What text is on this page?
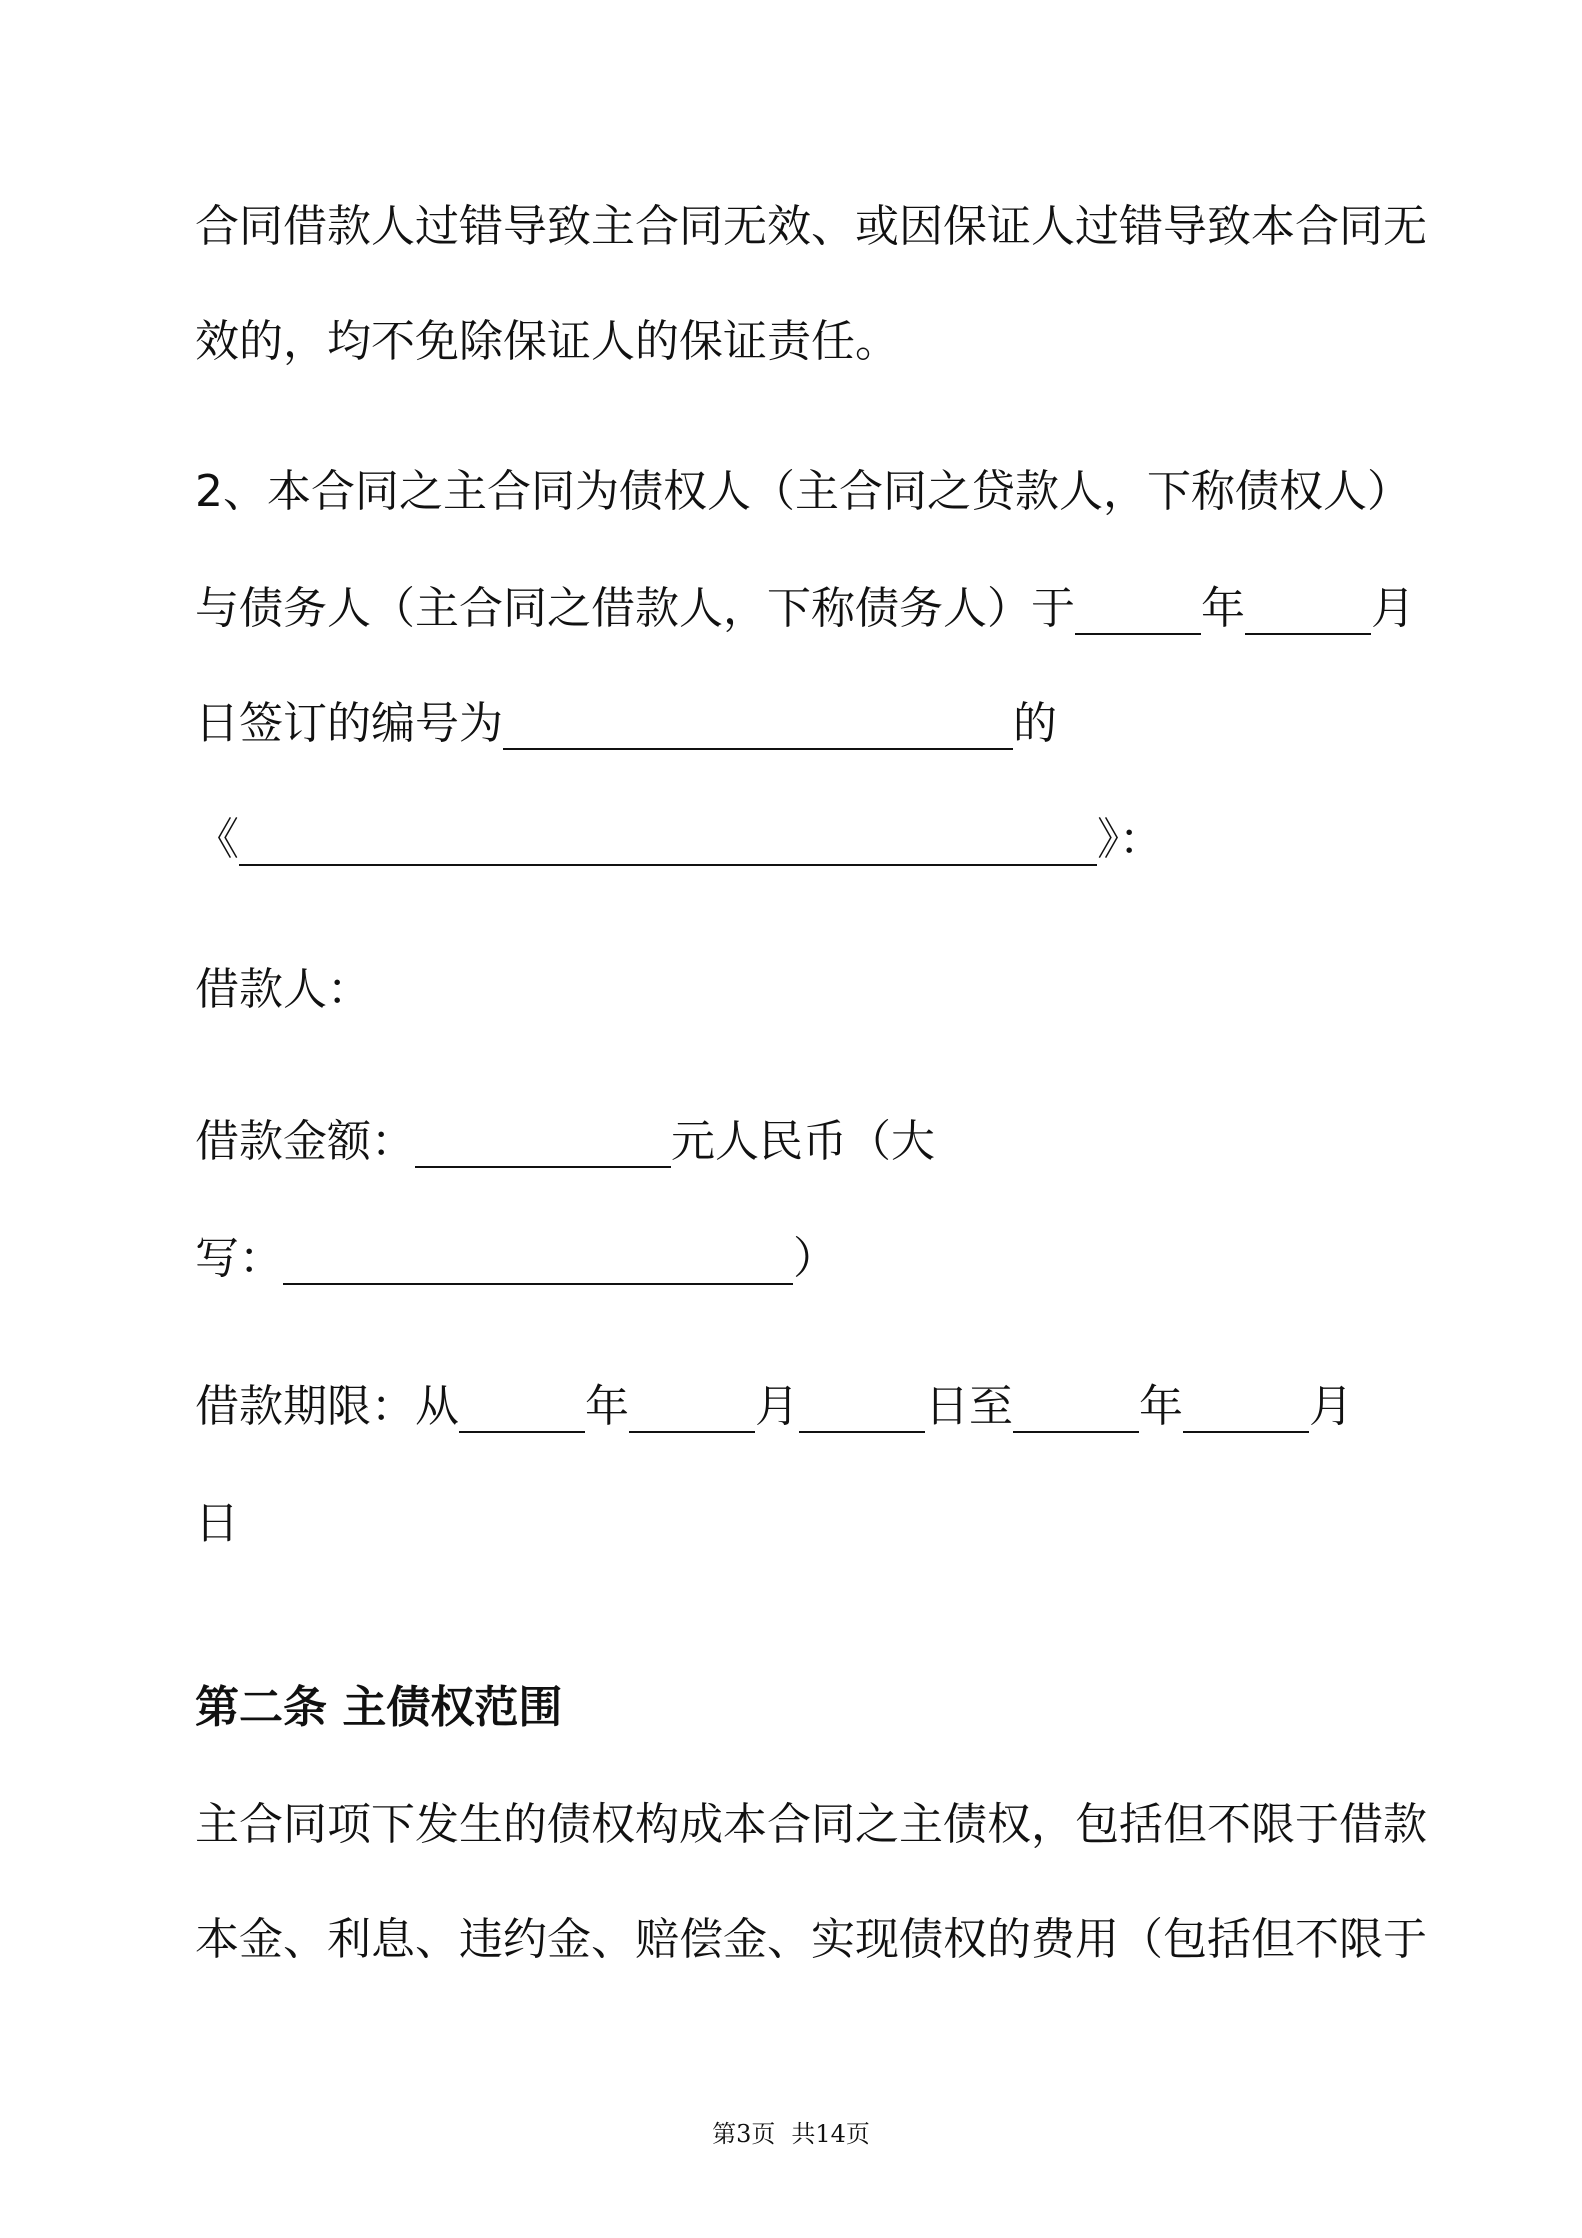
合同借款人过错导致主合同无效、或因保证人过错导致本合同无
效的，均不免除保证人的保证责任。
2、本合同之主合同为债权人（主合同之贷款人，下称债权人）
与债务人（主合同之借款人，下称债务人）于	年	月
日签订的编号为	的
《	》：
借款人：
借款金额：	元人民币（大
写：	）
借款期限：从	年	月	日至	年	月
日
第二条 主债权范围
主合同项下发生的债权构成本合同之主债权，包括但不限于借款
本金、利息、违约金、赔偿金、实现债权的费用（包括但不限于
第3页 共14页
